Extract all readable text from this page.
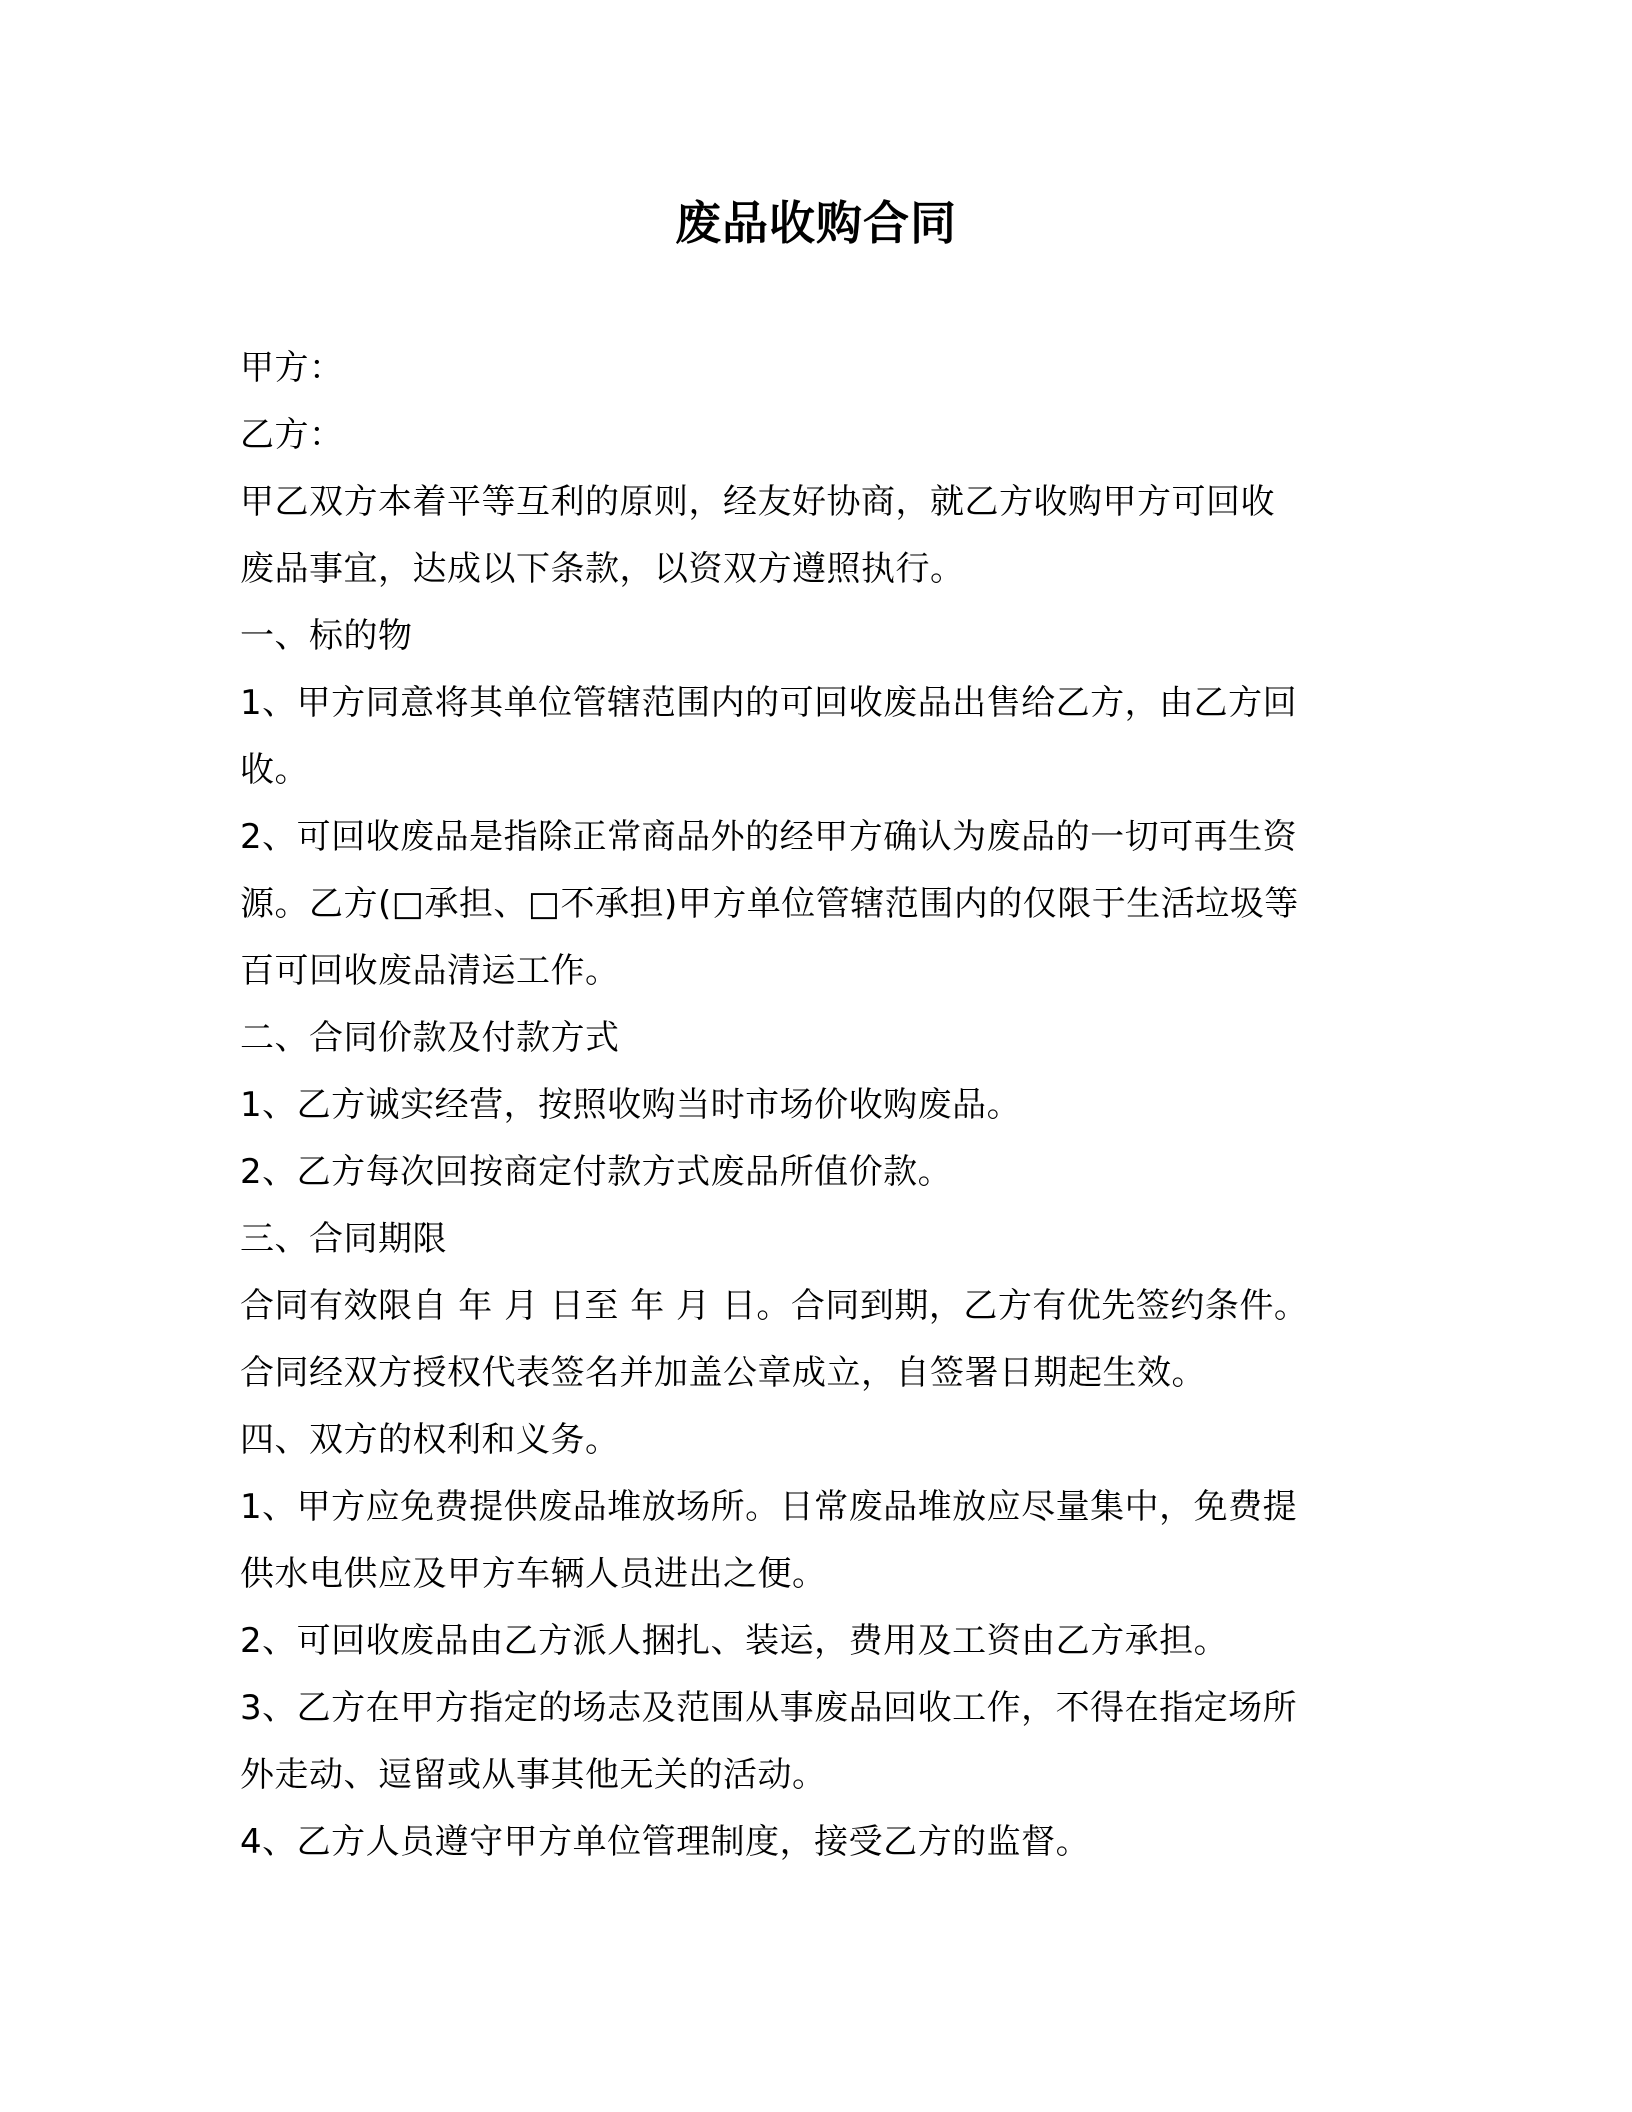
废品收购合同
甲方：
乙方：
甲乙双方本着平等互利的原则，经友好协商，就乙方收购甲方可回收
废品事宜，达成以下条款，以资双方遵照执行。
一、标的物
1、甲方同意将其单位管辖范围内的可回收废品出售给乙方，由乙方回
收。
2、可回收废品是指除正常商品外的经甲方确认为废品的一切可再生资
源。乙方(□承担、□不承担)甲方单位管辖范围内的仅限于生活垃圾等
百可回收废品清运工作。
二、合同价款及付款方式
1、乙方诚实经营，按照收购当时市场价收购废品。
2、乙方每次回按商定付款方式废品所值价款。
三、合同期限
合同有效限自 年 月 日至 年 月 日。合同到期，乙方有优先签约条件。
合同经双方授权代表签名并加盖公章成立，自签署日期起生效。
四、双方的权利和义务。
1、甲方应免费提供废品堆放场所。日常废品堆放应尽量集中，免费提
供水电供应及甲方车辆人员进出之便。
2、可回收废品由乙方派人捆扎、装运，费用及工资由乙方承担。
3、乙方在甲方指定的场志及范围从事废品回收工作，不得在指定场所
外走动、逗留或从事其他无关的活动。
4、乙方人员遵守甲方单位管理制度，接受乙方的监督。
